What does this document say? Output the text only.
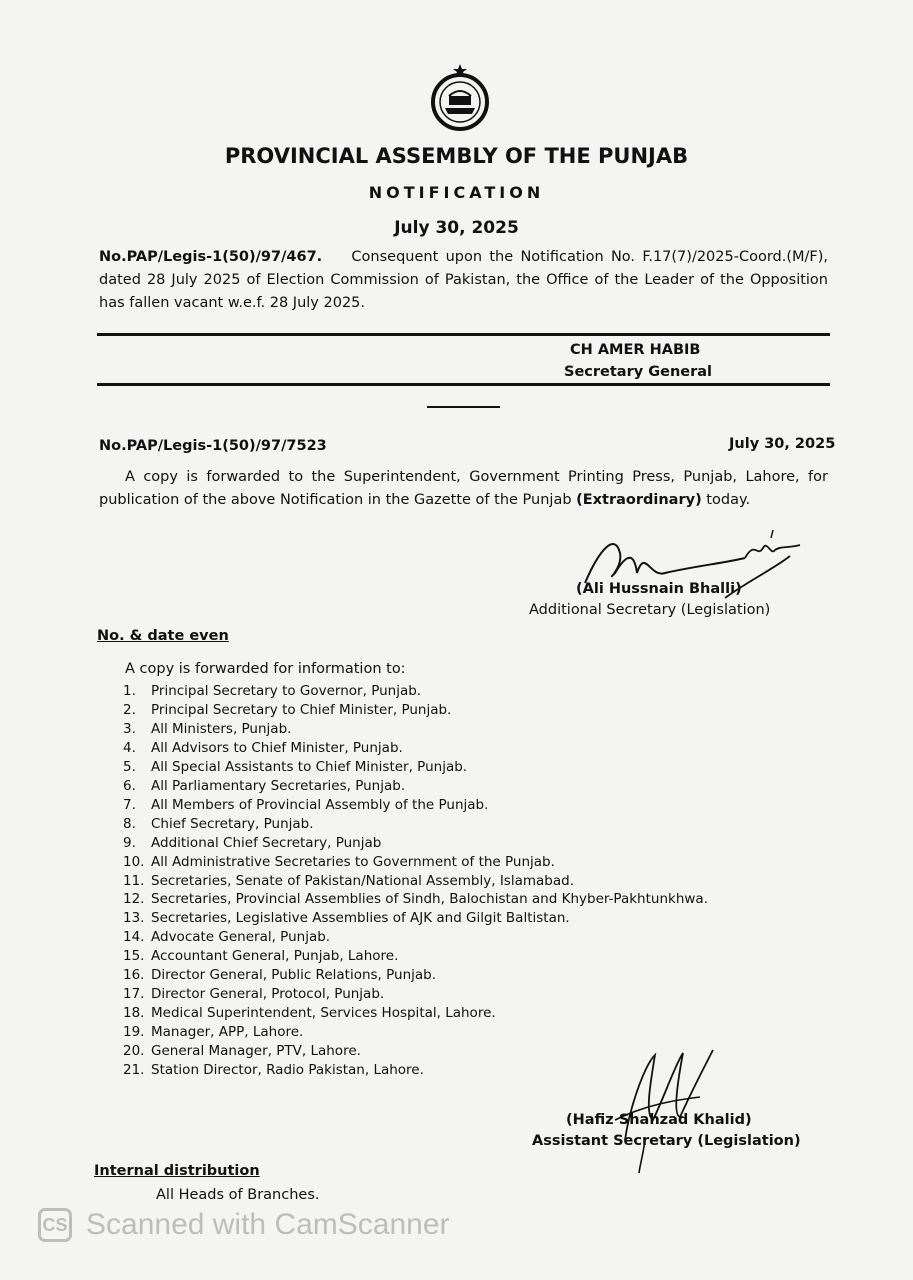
PROVINCIAL ASSEMBLY OF THE PUNJAB
NOTIFICATION
July 30, 2025
No.PAP/Legis-1(50)/97/467. Consequent upon the Notification No. F.17(7)/2025-Coord.(M/F), dated 28 July 2025 of Election Commission of Pakistan, the Office of the Leader of the Opposition has fallen vacant w.e.f. 28 July 2025.
CH AMER HABIB
Secretary General
No.PAP/Legis-1(50)/97/7523	July 30, 2025
A copy is forwarded to the Superintendent, Government Printing Press, Punjab, Lahore, for publication of the above Notification in the Gazette of the Punjab (Extraordinary) today.
(Ali Hussnain Bhalli)
Additional Secretary (Legislation)
No. & date even
A copy is forwarded for information to:
1. Principal Secretary to Governor, Punjab.
2. Principal Secretary to Chief Minister, Punjab.
3. All Ministers, Punjab.
4. All Advisors to Chief Minister, Punjab.
5. All Special Assistants to Chief Minister, Punjab.
6. All Parliamentary Secretaries, Punjab.
7. All Members of Provincial Assembly of the Punjab.
8. Chief Secretary, Punjab.
9. Additional Chief Secretary, Punjab
10. All Administrative Secretaries to Government of the Punjab.
11. Secretaries, Senate of Pakistan/National Assembly, Islamabad.
12. Secretaries, Provincial Assemblies of Sindh, Balochistan and Khyber-Pakhtunkhwa.
13. Secretaries, Legislative Assemblies of AJK and Gilgit Baltistan.
14. Advocate General, Punjab.
15. Accountant General, Punjab, Lahore.
16. Director General, Public Relations, Punjab.
17. Director General, Protocol, Punjab.
18. Medical Superintendent, Services Hospital, Lahore.
19. Manager, APP, Lahore.
20. General Manager, PTV, Lahore.
21. Station Director, Radio Pakistan, Lahore.
(Hafiz Shahzad Khalid)
Assistant Secretary (Legislation)
Internal distribution
All Heads of Branches.
CS Scanned with CamScanner
